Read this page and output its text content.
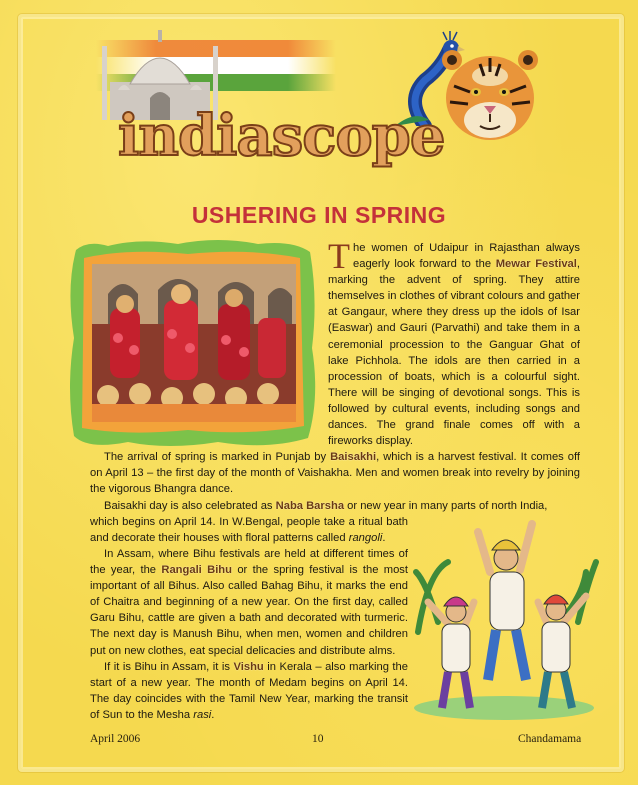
indiascope
USHERING IN SPRING
The women of Udaipur in Rajasthan always eagerly look forward to the Mewar Festival, marking the advent of spring. They attire themselves in clothes of vibrant colours and gather at Gangaur, where they dress up the idols of Isar (Easwar) and Gauri (Parvathi) and take them in a ceremonial procession to the Ganguar Ghat of lake Pichhola. The idols are then carried in a procession of boats, which is a colourful sight. There will be singing of devotional songs. This is followed by cultural events, including songs and dances. The grand finale comes off with a fireworks display.
The arrival of spring is marked in Punjab by Baisakhi, which is a harvest festival. It comes off on April 13 – the first day of the month of Vaishakha. Men and women break into revelry by joining the vigorous Bhangra dance.
Baisakhi day is also celebrated as Naba Barsha or new year in many parts of north India,
which begins on April 14. In W.Bengal, people take a ritual bath and decorate their houses with floral patterns called rangoli.
In Assam, where Bihu festivals are held at different times of the year, the Rangali Bihu or the spring festival is the most important of all Bihus. Also called Bahag Bihu, it marks the end of Chaitra and beginning of a new year. On the first day, called Garu Bihu, cattle are given a bath and decorated with turmeric. The next day is Manush Bihu, when men, women and children put on new clothes, eat special delicacies and distribute alms.
If it is Bihu in Assam, it is Vishu in Kerala – also marking the start of a new year. The month of Medam begins on April 14. The day coincides with the Tamil New Year, marking the transit of Sun to the Mesha rasi.
April 2006	10	Chandamama
